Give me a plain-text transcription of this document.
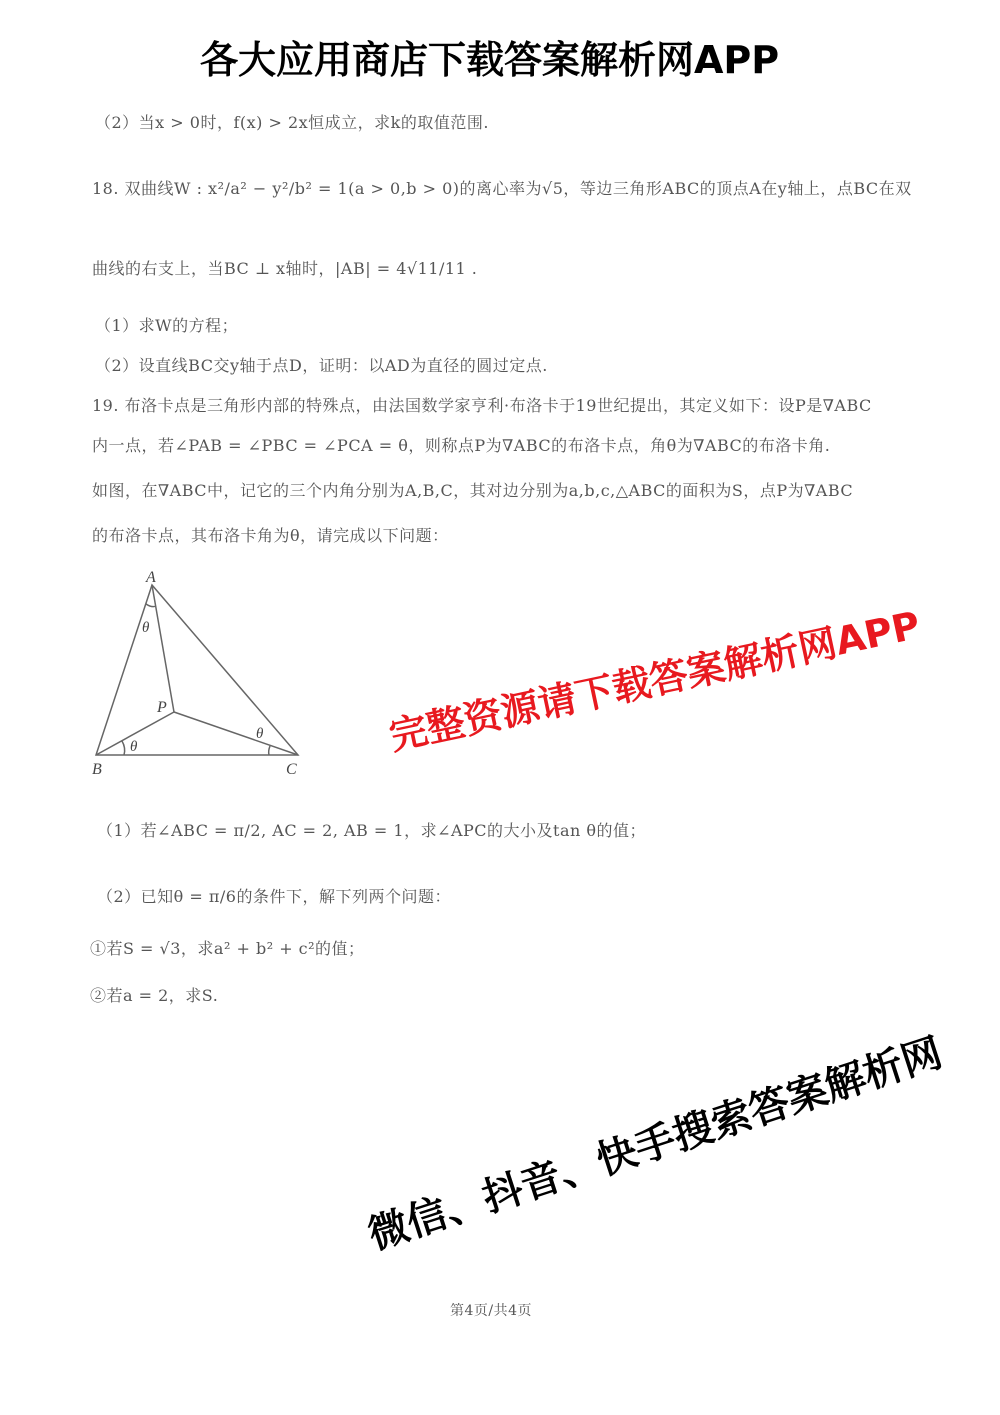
各大应用商店下载答案解析网APP
（2）当x > 0时，f(x) > 2x恒成立，求k的取值范围.
18. 双曲线W : x²/a² − y²/b² = 1(a > 0,b > 0)的离心率为√5，等边三角形ABC的顶点A在y轴上，点BC在双
曲线的右支上，当BC ⊥ x轴时，|AB| = 4√11/11 .
（1）求W的方程；
（2）设直线BC交y轴于点D，证明：以AD为直径的圆过定点.
19. 布洛卡点是三角形内部的特殊点，由法国数学家亨利·布洛卡于19世纪提出，其定义如下：设P是∇ABC
内一点，若∠PAB = ∠PBC = ∠PCA = θ，则称点P为∇ABC的布洛卡点，角θ为∇ABC的布洛卡角.
如图，在∇ABC中，记它的三个内角分别为A,B,C，其对边分别为a,b,c,△ABC的面积为S，点P为∇ABC
的布洛卡点，其布洛卡角为θ，请完成以下问题：
A
B	C
P
θ
θ
θ	完整资源请下载答案解析网APP
（1）若∠ABC = π/2, AC = 2, AB = 1，求∠APC的大小及tan θ的值；
（2）已知θ = π/6的条件下，解下列两个问题：
①若S = √3，求a² + b² + c²的值；
②若a = 2，求S.
微信、抖音、快手搜索答案解析网
第4页/共4页
